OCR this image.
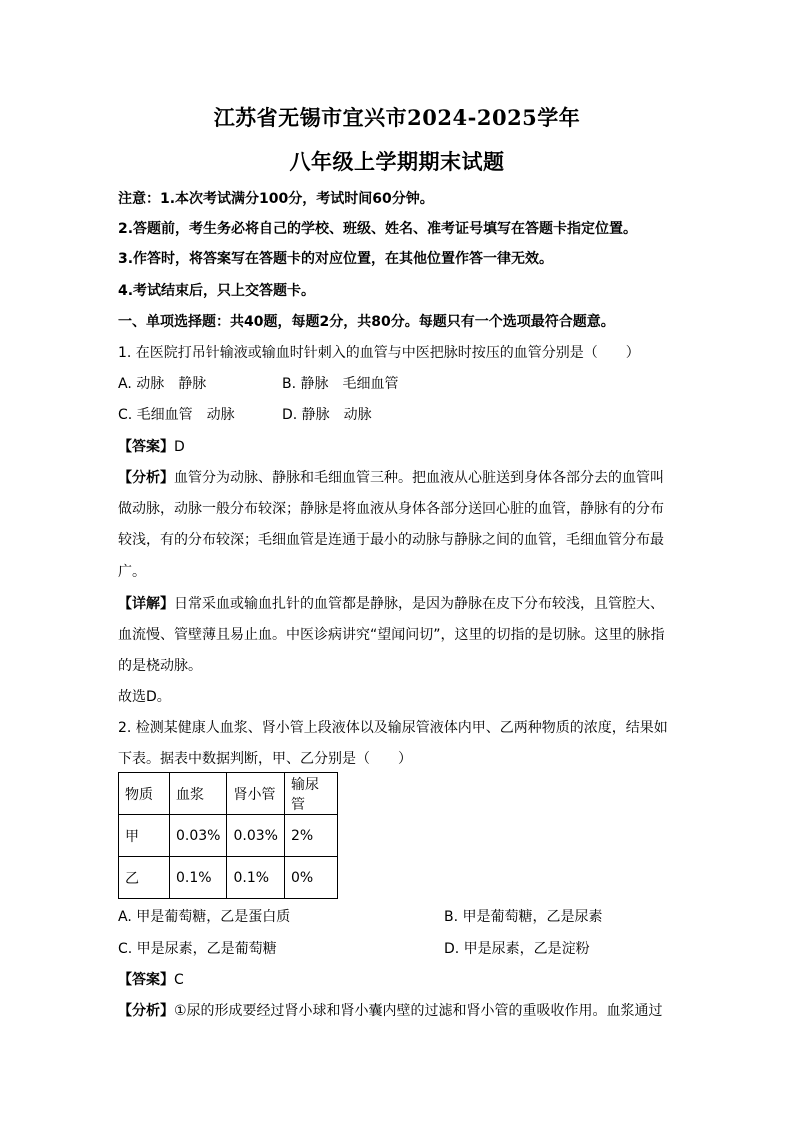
江苏省无锡市宜兴市2024-2025学年
八年级上学期期末试题
注意：1.本次考试满分100分，考试时间60分钟。
2.答题前，考生务必将自己的学校、班级、姓名、准考证号填写在答题卡指定位置。
3.作答时，将答案写在答题卡的对应位置，在其他位置作答一律无效。
4.考试结束后，只上交答题卡。
一、单项选择题：共40题，每题2分，共80分。每题只有一个选项最符合题意。
1. 在医院打吊针输液或输血时针刺入的血管与中医把脉时按压的血管分别是（　　）
A. 动脉　静脉	B. 静脉　毛细血管
C. 毛细血管　动脉	D. 静脉　动脉
【答案】D
【分析】血管分为动脉、静脉和毛细血管三种。把血液从心脏送到身体各部分去的血管叫
做动脉，动脉一般分布较深；静脉是将血液从身体各部分送回心脏的血管，静脉有的分布
较浅，有的分布较深；毛细血管是连通于最小的动脉与静脉之间的血管，毛细血管分布最
广。
【详解】日常采血或输血扎针的血管都是静脉，是因为静脉在皮下分布较浅，且管腔大、
血流慢、管壁薄且易止血。中医诊病讲究“望闻问切”，这里的切指的是切脉。这里的脉指
的是桡动脉。
故选D。
2. 检测某健康人血浆、肾小管上段液体以及输尿管液体内甲、乙两种物质的浓度，结果如
下表。据表中数据判断，甲、乙分别是（　　）
物质	血浆	肾小管	输尿管
甲	0.03%	0.03%	2%
乙	0.1%	0.1%	0%
A. 甲是葡萄糖，乙是蛋白质	B. 甲是葡萄糖，乙是尿素
C. 甲是尿素，乙是葡萄糖	D. 甲是尿素，乙是淀粉
【答案】C
【分析】①尿的形成要经过肾小球和肾小囊内壁的过滤和肾小管的重吸收作用。血浆通过
